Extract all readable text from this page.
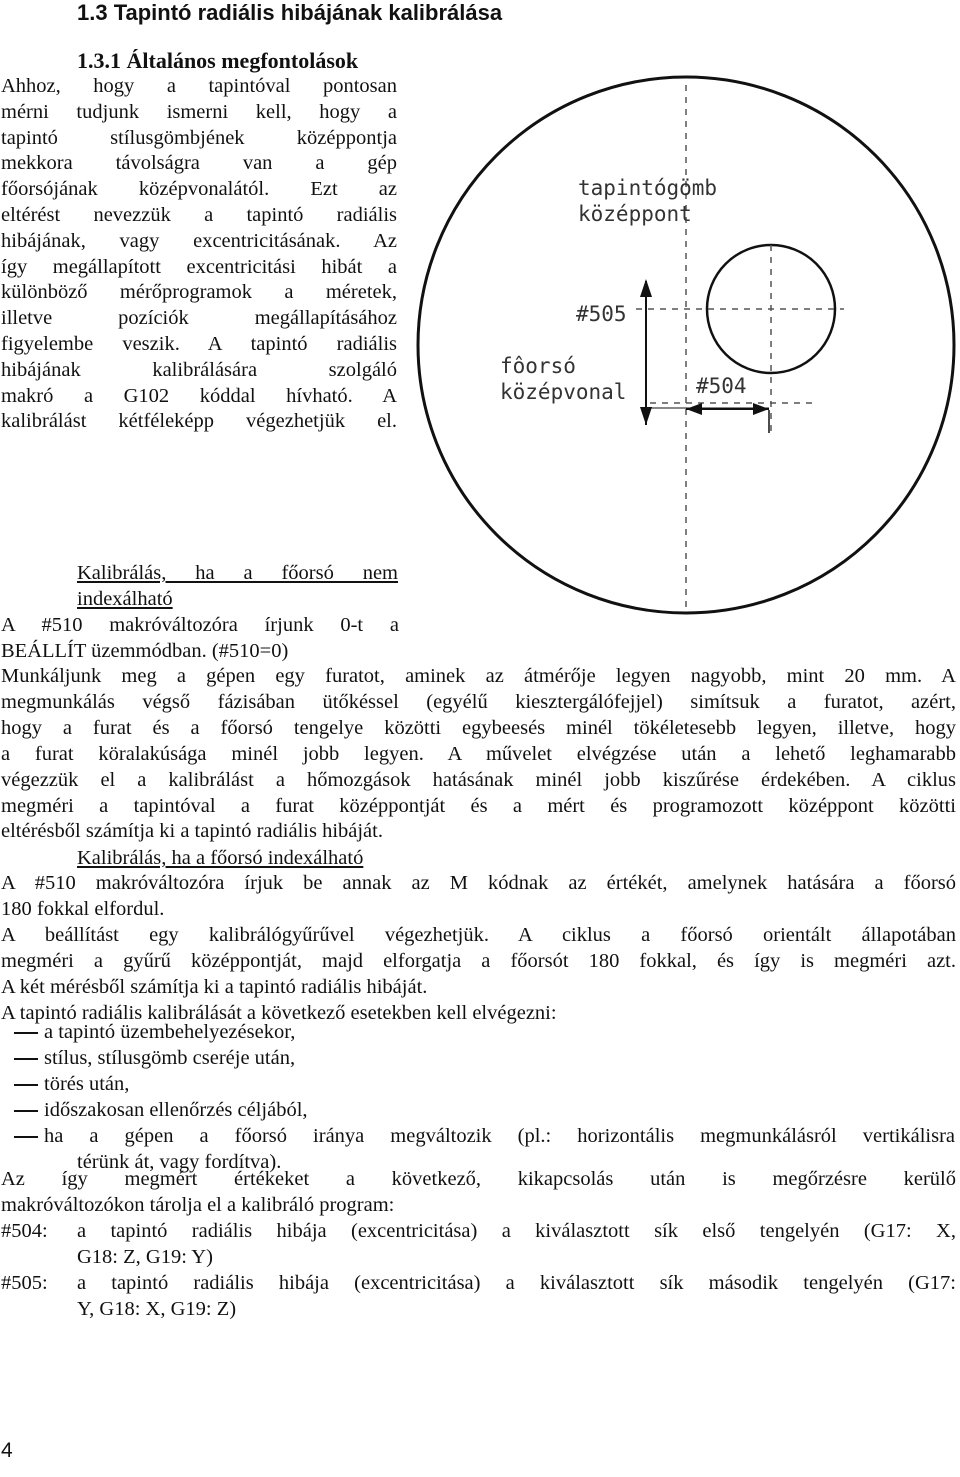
1.3 Tapintó radiális hibájának kalibrálása
1.3.1 Általános megfontolások
Ahhoz, hogy a tapintóval pontosan
mérni tudjunk ismerni kell, hogy a
tapintó stílusgömbjének középpontja
mekkora távolságra van a gép
főorsójának középvonalától. Ezt az
eltérést nevezzük a tapintó radiális
hibájának, vagy excentricitásának. Az
így megállapított excentricitási hibát a
különböző mérőprogramok a méretek,
illetve pozíciók megállapításához
figyelembe veszik. A tapintó radiális
hibájának kalibrálására szolgáló
makró a G102 kóddal hívható. A
kalibrálást kétféleképp végezhetjük el.
tapintógömb
középpont
#505
fôorsó
középvonal	#504
Kalibrálás, ha a főorsó nem
indexálható
A #510 makróváltozóra írjunk 0-t a
BEÁLLÍT üzemmódban. (#510=0)
Munkáljunk meg a gépen egy furatot, aminek az átmérője legyen nagyobb, mint 20 mm. A
megmunkálás végső fázisában ütőkéssel (egyélű kiesztergálófejjel) simítsuk a furatot, azért,
hogy a furat és a főorsó tengelye közötti egybeesés minél tökéletesebb legyen, illetve, hogy
a furat köralakúsága minél jobb legyen. A művelet elvégzése után a lehető leghamarabb
végezzük el a kalibrálást a hőmozgások hatásának minél jobb kiszűrése érdekében. A ciklus
megméri a tapintóval a furat középpontját és a mért és programozott középpont közötti
eltérésből számítja ki a tapintó radiális hibáját.
Kalibrálás, ha a főorsó indexálható
A #510 makróváltozóra írjuk be annak az M kódnak az értékét, amelynek hatására a főorsó
180 fokkal elfordul.
A beállítást egy kalibrálógyűrűvel végezhetjük. A ciklus a főorsó orientált állapotában
megméri a gyűrű középpontját, majd elforgatja a főorsót 180 fokkal, és így is megméri azt.
A két mérésből számítja ki a tapintó radiális hibáját.
A tapintó radiális kalibrálását a következő esetekben kell elvégezni:
a tapintó üzembehelyezésekor,
stílus, stílusgömb cseréje után,
törés után,
időszakosan ellenőrzés céljából,
ha a gépen a főorsó iránya megváltozik (pl.: horizontális megmunkálásról vertikálisra
térünk át, vagy fordítva).
Az így megmért értékeket a következő, kikapcsolás után is megőrzésre kerülő
makróváltozókon tárolja el a kalibráló program:
#504: a tapintó radiális hibája (excentricitása) a kiválasztott sík első tengelyén (G17: X,
G18: Z, G19: Y)
#505: a tapintó radiális hibája (excentricitása) a kiválasztott sík második tengelyén (G17:
Y, G18: X, G19: Z)
4
